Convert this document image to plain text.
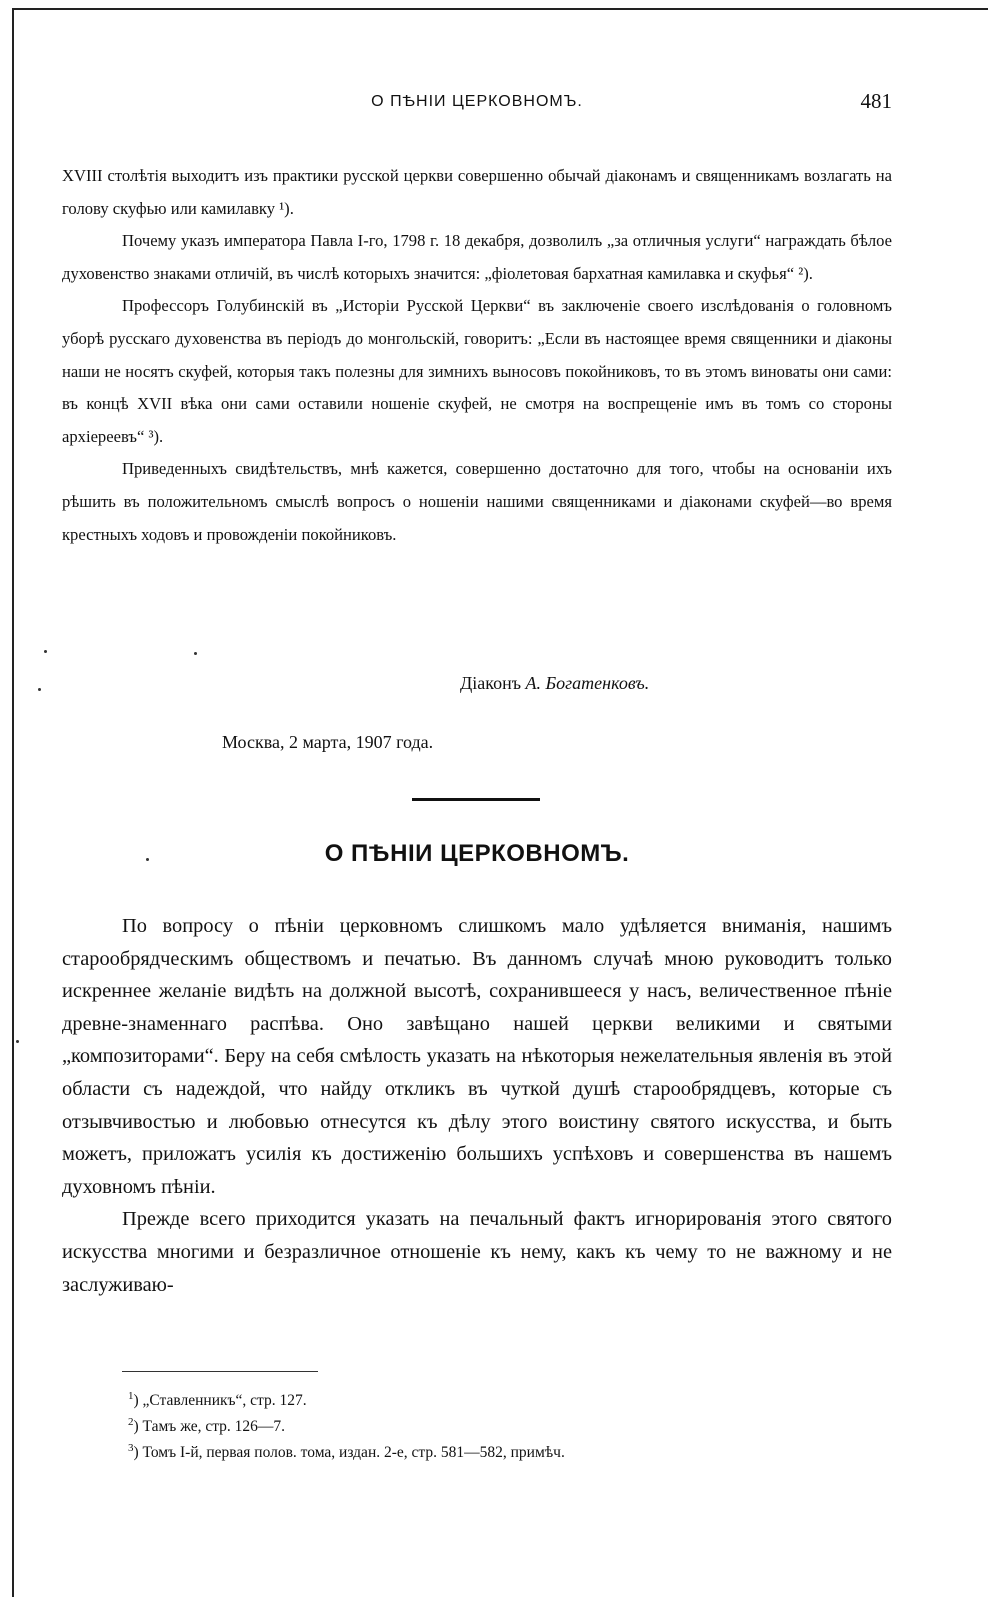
О ПѢНІИ ЦЕРКОВНОМЪ.	481

XVIII столѣтія выходитъ изъ практики русской церкви совершенно обычай діаконамъ и священникамъ возлагать на голову скуфью или камилавку ¹).

Почему указъ императора Павла І-го, 1798 г. 18 декабря, дозволилъ „за отличныя услуги“ награждать бѣлое духовенство знаками отличій, въ числѣ которыхъ значится: „фіолетовая бархатная камилавка и скуфья“ ²).

Профессоръ Голубинскій въ „Исторіи Русской Церкви“ въ заключеніе своего изслѣдованія о головномъ уборѣ русскаго духовенства въ періодъ до монгольскій, говоритъ: „Если въ настоящее время священники и діаконы наши не носятъ скуфей, которыя такъ полезны для зимнихъ выносовъ покойниковъ, то въ этомъ виноваты они сами: въ концѣ XVII вѣка они сами оставили ношеніе скуфей, не смотря на воспрещеніе имъ въ томъ со стороны архіереевъ“ ³).

Приведенныхъ свидѣтельствъ, мнѣ кажется, совершенно достаточно для того, чтобы на основаніи ихъ рѣшить въ положительномъ смыслѣ вопросъ о ношеніи нашими священниками и діаконами скуфей—во время крестныхъ ходовъ и провожденіи покойниковъ.

Діаконъ А. Богатенковъ.
Москва, 2 марта, 1907 года.
О ПѢНІИ ЦЕРКОВНОМЪ.

По вопросу о пѣніи церковномъ слишкомъ мало удѣляется вниманія, нашимъ старообрядческимъ обществомъ и печатью. Въ данномъ случаѣ мною руководитъ только искреннее желаніе видѣть на должной высотѣ, сохранившееся у насъ, величественное пѣніе древне-знаменнаго распѣва. Оно завѣщано нашей церкви великими и святыми „композиторами“. Беру на себя смѣлость указать на нѣкоторыя нежелательныя явленія въ этой области съ надеждой, что найду откликъ въ чуткой душѣ старообрядцевъ, которые съ отзывчивостью и любовью отнесутся къ дѣлу этого воистину святого искусства, и быть можетъ, приложатъ усилія къ достиженію большихъ успѣховъ и совершенства въ нашемъ духовномъ пѣніи.

Прежде всего приходится указать на печальный фактъ игнорированія этого святого искусства многими и безразличное отношеніе къ нему, какъ къ чему то не важному и не заслуживаю-

$^1$) „Ставленникъ“, стр. 127.
$^2$) Тамъ же, стр. 126—7.
$^3$) Томъ І-й, первая полов. тома, издан. 2-е, стр. 581—582, примѣч.
